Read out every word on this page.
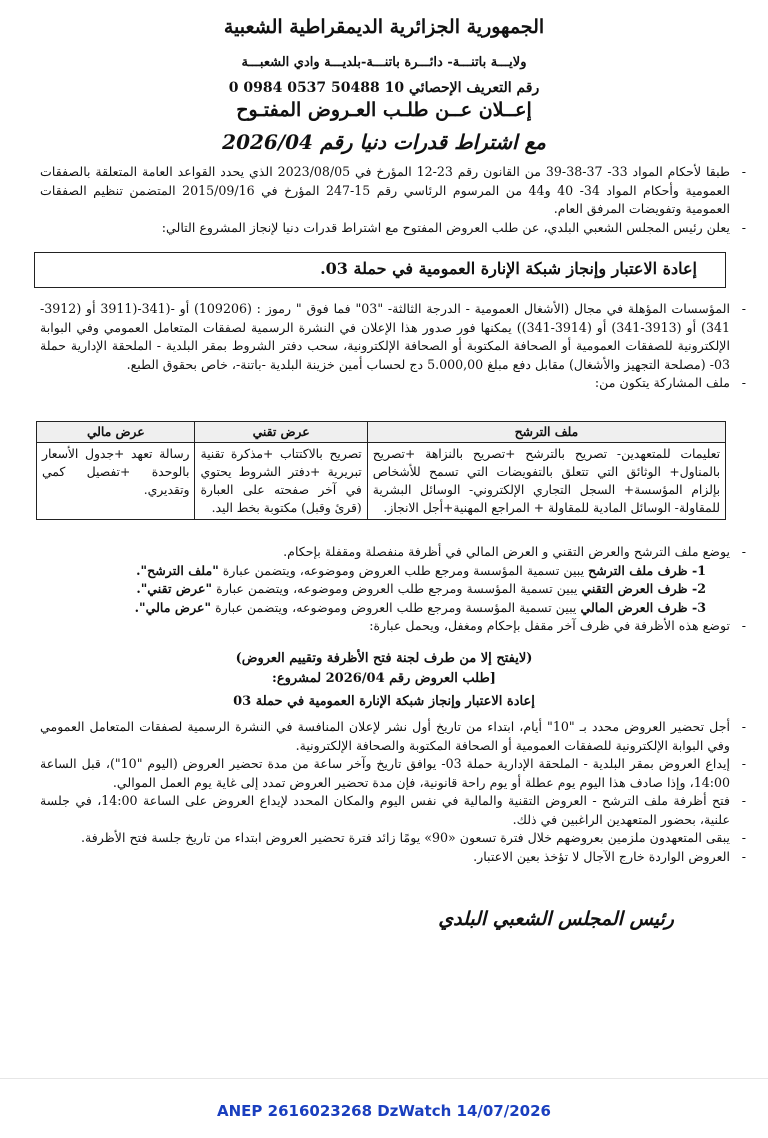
الجمهورية الجزائرية الديمقراطية الشعبية
ولايـــة باتنـــة- دائـــرة باتنـــة-بلديـــة وادي الشعبـــة
رقم التعريف الإحصائي 10 50488 0537 0984 0
إعــلان عــن طلـب العـروض المفتـوح
مع اشتراط قدرات دنيا رقم 2026/04
- طبقا لأحكام المواد 33- 37-38-39 من القانون رقم 23-12 المؤرخ في 2023/08/05 الذي يحدد القواعد العامة المتعلقة بالصفقات العمومية وأحكام المواد 34- 40 و44 من المرسوم الرئاسي رقم 15-247 المؤرخ في 2015/09/16 المتضمن تنظيم الصفقات العمومية وتفويضات المرفق العام.
- يعلن رئيس المجلس الشعبي البلدي، عن طلب العروض المفتوح مع اشتراط قدرات دنيا لإنجاز المشروع التالي:
إعادة الاعتبار وإنجاز شبكة الإنارة العمومية في حملة 03.
- المؤسسات المؤهلة في مجال (الأشغال العمومية - الدرجة الثالثة- "03" فما فوق " رموز : (109206) أو -(341-(3911 أو (3912-341) أو (3913-341) أو (3914-341)) يمكنها فور صدور هذا الإعلان في النشرة الرسمية لصفقات المتعامل العمومي وفي البوابة الإلكترونية للصفقات العمومية أو الصحافة المكتوبة أو الصحافة الإلكترونية، سحب دفتر الشروط بمقر البلدية - الملحقة الإدارية حملة 03- (مصلحة التجهيز والأشغال) مقابل دفع مبلغ 5.000,00 دج لحساب أمين خزينة البلدية -باتنة-، خاص بحقوق الطبع.
- ملف المشاركة يتكون من:
ملف الترشح	عرض تقني	عرض مالي
تعليمات للمتعهدين- تصريح بالترشح +تصريح بالنزاهة +تصريح بالمناول+ الوثائق التي تتعلق بالتفويضات التي تسمح للأشخاص بإلزام المؤسسة+ السجل التجاري الإلكتروني- الوسائل البشرية للمقاولة- الوسائل المادية للمقاولة + المراجع المهنية+أجل الانجاز.	تصريح بالاكتتاب +مذكرة تقنية تبريرية +دفتر الشروط يحتوي في آخر صفحته على العبارة (قرئ وقبل) مكتوبة بخط اليد.	رسالة تعهد +جدول الأسعار بالوحدة +تفصيل كمي وتقديري.
- يوضع ملف الترشح والعرض التقني و العرض المالي في أظرفة منفصلة ومقفلة بإحكام.
1- ظرف ملف الترشح يبين تسمية المؤسسة ومرجع طلب العروض وموضوعه، ويتضمن عبارة "ملف الترشح".
2- ظرف العرض التقني يبين تسمية المؤسسة ومرجع طلب العروض وموضوعه، ويتضمن عبارة "عرض تقني".
3- ظرف العرض المالي يبين تسمية المؤسسة ومرجع طلب العروض وموضوعه، ويتضمن عبارة "عرض مالي".
- توضع هذه الأظرفة في ظرف آخر مقفل بإحكام ومغفل، ويحمل عبارة:
(لايفتح إلا من طرف لجنة فتح الأظرفة وتقييم العروض)
[طلب العروض رقم 2026/04 لمشروع:
إعادة الاعتبار وإنجاز شبكة الإنارة العمومية في حملة 03
- أجل تحضير العروض محدد بـ "10" أيام، ابتداء من تاريخ أول نشر لإعلان المنافسة في النشرة الرسمية لصفقات المتعامل العمومي وفي البوابة الإلكترونية للصفقات العمومية أو الصحافة المكتوبة والصحافة الإلكترونية.
- إيداع العروض بمقر البلدية - الملحقة الإدارية حملة 03- يوافق تاريخ وآخر ساعة من مدة تحضير العروض (اليوم "10")، قبل الساعة 14:00، وإذا صادف هذا اليوم يوم عطلة أو يوم راحة قانونية، فإن مدة تحضير العروض تمدد إلى غاية يوم العمل الموالي.
- فتح أظرفة ملف الترشح - العروض التقنية والمالية في نفس اليوم والمكان المحدد لإيداع العروض على الساعة 14:00، في جلسة علنية، بحضور المتعهدين الراغبين في ذلك.
- يبقى المتعهدون ملزمين بعروضهم خلال فترة تسعون «90» يومًا زائد فترة تحضير العروض ابتداء من تاريخ جلسة فتح الأظرفة.
- العروض الواردة خارج الآجال لا تؤخذ بعين الاعتبار.
رئيس المجلس الشعبي البلدي
ANEP 2616023268 DzWatch 14/07/2026
